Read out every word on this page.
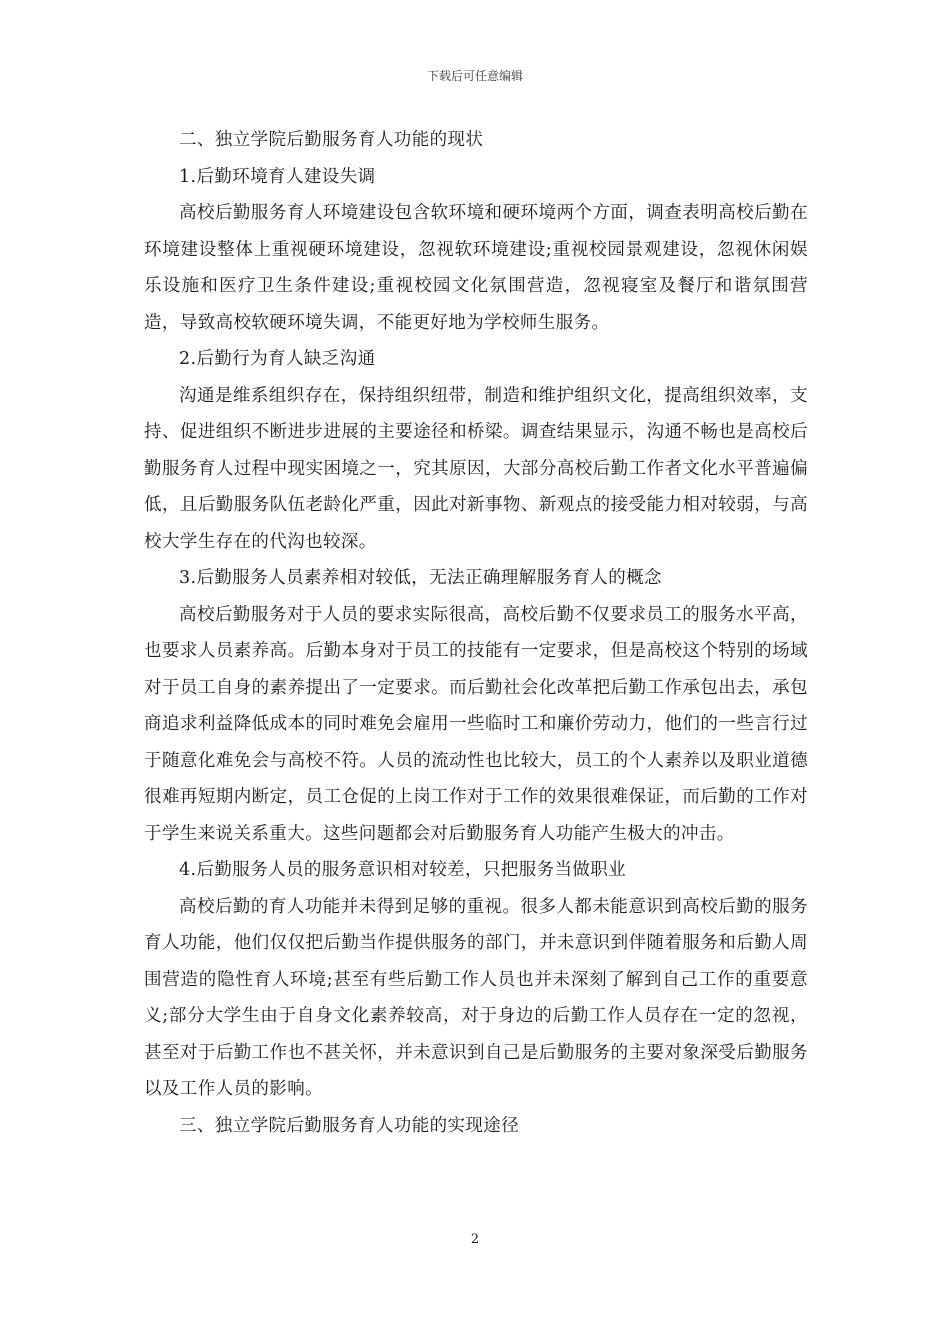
下载后可任意编辑

二、独立学院后勤服务育人功能的现状

1.后勤环境育人建设失调

高校后勤服务育人环境建设包含软环境和硬环境两个方面，调查表明高校后勤在环境建设整体上重视硬环境建设，忽视软环境建设;重视校园景观建设，忽视休闲娱乐设施和医疗卫生条件建设;重视校园文化氛围营造，忽视寝室及餐厅和谐氛围营造，导致高校软硬环境失调，不能更好地为学校师生服务。

2.后勤行为育人缺乏沟通

沟通是维系组织存在，保持组织纽带，制造和维护组织文化，提高组织效率，支持、促进组织不断进步进展的主要途径和桥梁。调查结果显示，沟通不畅也是高校后勤服务育人过程中现实困境之一，究其原因，大部分高校后勤工作者文化水平普遍偏低，且后勤服务队伍老龄化严重，因此对新事物、新观点的接受能力相对较弱，与高校大学生存在的代沟也较深。

3.后勤服务人员素养相对较低，无法正确理解服务育人的概念

高校后勤服务对于人员的要求实际很高，高校后勤不仅要求员工的服务水平高，也要求人员素养高。后勤本身对于员工的技能有一定要求，但是高校这个特别的场域对于员工自身的素养提出了一定要求。而后勤社会化改革把后勤工作承包出去，承包商追求利益降低成本的同时难免会雇用一些临时工和廉价劳动力，他们的一些言行过于随意化难免会与高校不符。人员的流动性也比较大，员工的个人素养以及职业道德很难再短期内断定，员工仓促的上岗工作对于工作的效果很难保证，而后勤的工作对于学生来说关系重大。这些问题都会对后勤服务育人功能产生极大的冲击。

4.后勤服务人员的服务意识相对较差，只把服务当做职业

高校后勤的育人功能并未得到足够的重视。很多人都未能意识到高校后勤的服务育人功能，他们仅仅把后勤当作提供服务的部门，并未意识到伴随着服务和后勤人周围营造的隐性育人环境;甚至有些后勤工作人员也并未深刻了解到自己工作的重要意义;部分大学生由于自身文化素养较高，对于身边的后勤工作人员存在一定的忽视，甚至对于后勤工作也不甚关怀，并未意识到自己是后勤服务的主要对象深受后勤服务以及工作人员的影响。

三、独立学院后勤服务育人功能的实现途径

2
